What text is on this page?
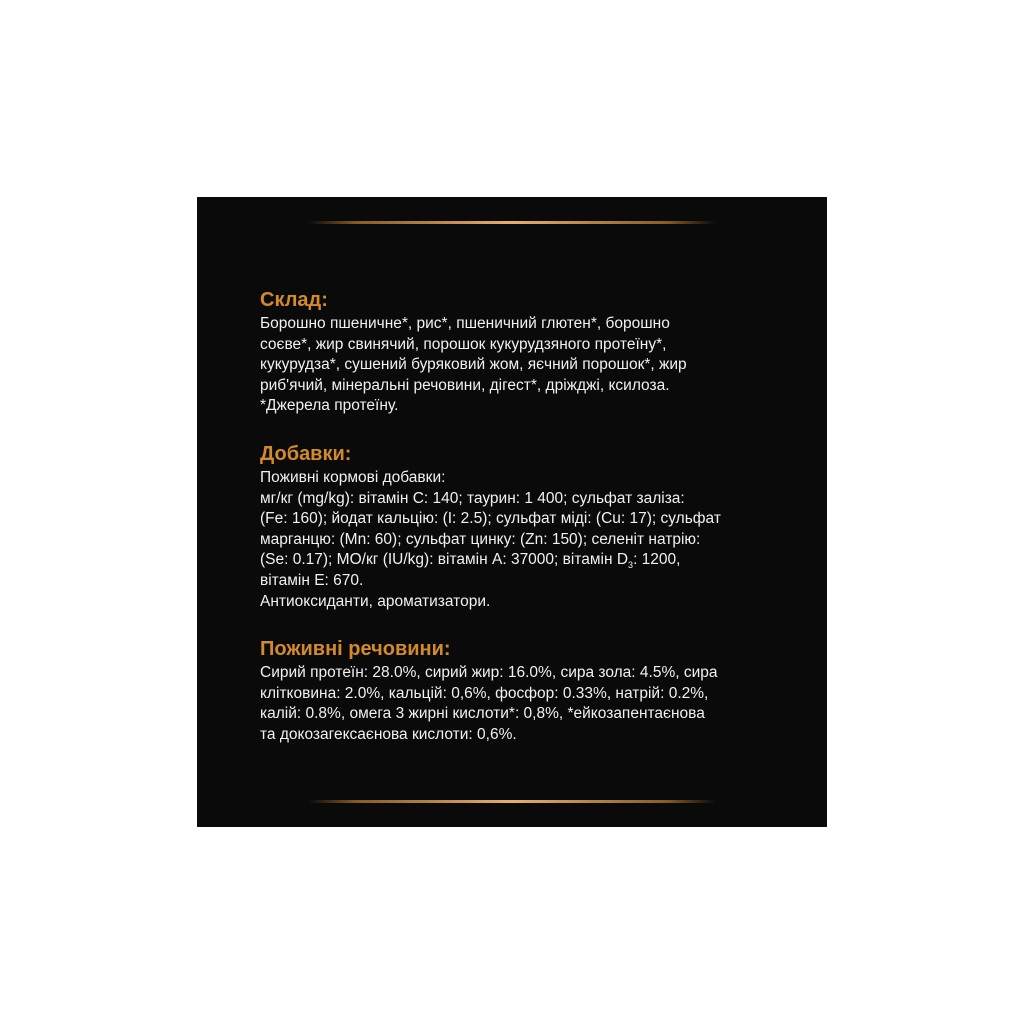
Склад:
Борошно пшеничне*, рис*, пшеничний глютен*, борошно
соєве*, жир свинячий, порошок кукурудзяного протеїну*,
кукурудза*, сушений буряковий жом, яєчний порошок*, жир
риб'ячий, мінеральні речовини, дігест*, дріжджі, ксилоза.
*Джерела протеїну.
Добавки:
Поживні кормові добавки:
мг/кг (mg/kg): вітамін С: 140; таурин: 1 400; сульфат заліза:
(Fe: 160); йодат кальцію: (I: 2.5); сульфат міді: (Cu: 17); сульфат
марганцю: (Mn: 60); сульфат цинку: (Zn: 150); селеніт натрію:
(Se: 0.17); МО/кг (IU/kg): вітамін А: 37000; вітамін $D_3$: 1200,
вітамін Е: 670.
Антиоксиданти, ароматизатори.
Поживні речовини:
Сирий протеїн: 28.0%, сирий жир: 16.0%, сира зола: 4.5%, сира
клітковина: 2.0%, кальцій: 0,6%, фосфор: 0.33%, натрій: 0.2%,
калій: 0.8%, омега 3 жирні кислоти*: 0,8%, *ейкозапентаєнова
та докозагексаєнова кислоти: 0,6%.
